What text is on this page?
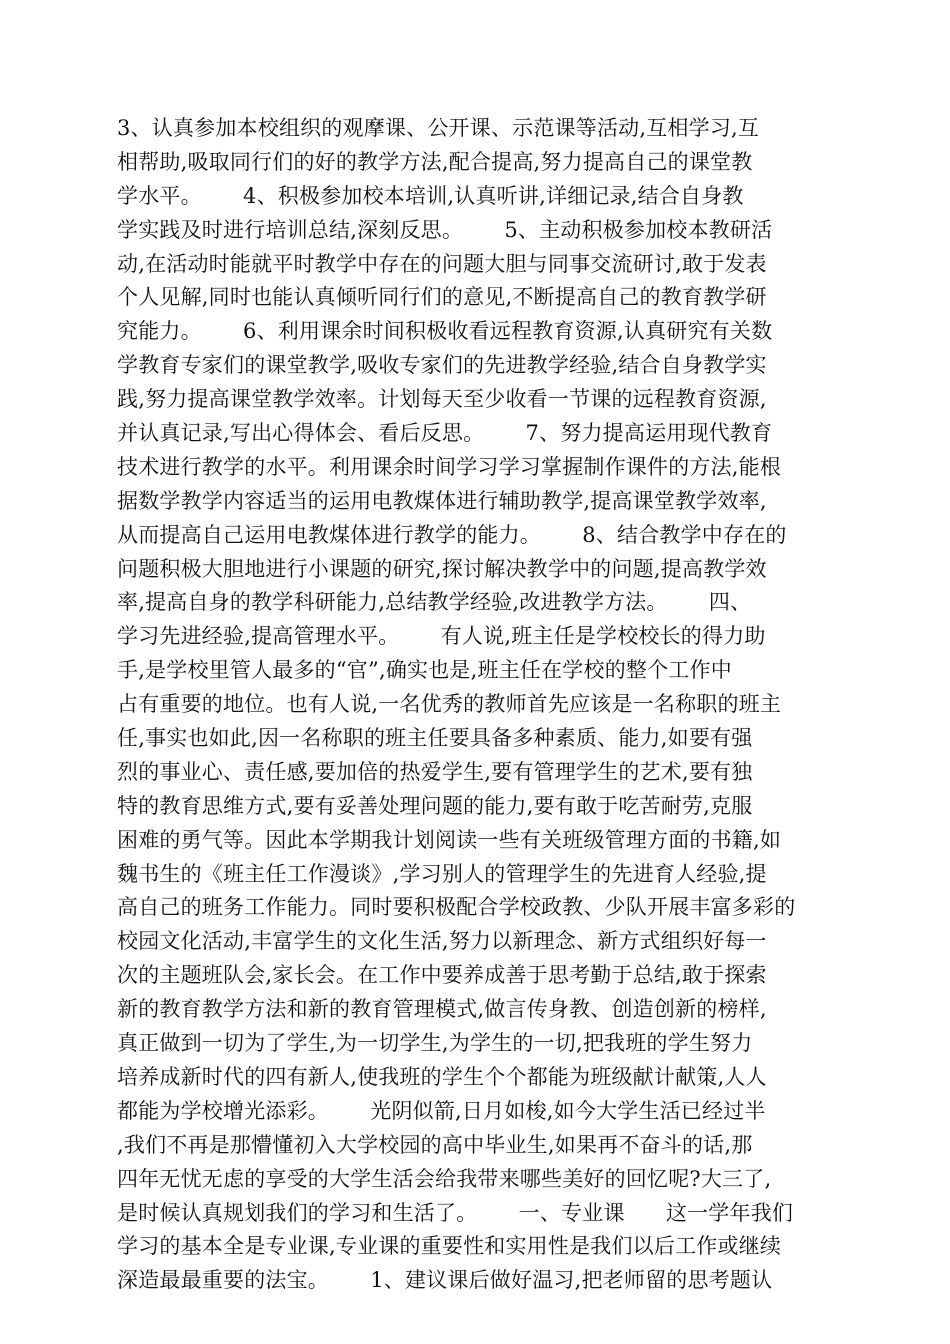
3、认真参加本校组织的观摩课、公开课、示范课等活动,互相学习,互
相帮助,吸取同行们的好的教学方法,配合提高,努力提高自己的课堂教
学水平。      4、积极参加校本培训,认真听讲,详细记录,结合自身教
学实践及时进行培训总结,深刻反思。      5、主动积极参加校本教研活
动,在活动时能就平时教学中存在的问题大胆与同事交流研讨,敢于发表
个人见解,同时也能认真倾听同行们的意见,不断提高自己的教育教学研
究能力。      6、利用课余时间积极收看远程教育资源,认真研究有关数
学教育专家们的课堂教学,吸收专家们的先进教学经验,结合自身教学实
践,努力提高课堂教学效率。计划每天至少收看一节课的远程教育资源,
并认真记录,写出心得体会、看后反思。      7、努力提高运用现代教育
技术进行教学的水平。利用课余时间学习学习掌握制作课件的方法,能根
据数学教学内容适当的运用电教煤体进行辅助教学,提高课堂教学效率,
从而提高自己运用电教煤体进行教学的能力。      8、结合教学中存在的
问题积极大胆地进行小课题的研究,探讨解决教学中的问题,提高教学效
率,提高自身的教学科研能力,总结教学经验,改进教学方法。      四、
学习先进经验,提高管理水平。      有人说,班主任是学校校长的得力助
手,是学校里管人最多的“官”,确实也是,班主任在学校的整个工作中
占有重要的地位。也有人说,一名优秀的教师首先应该是一名称职的班主
任,事实也如此,因一名称职的班主任要具备多种素质、能力,如要有强
烈的事业心、责任感,要加倍的热爱学生,要有管理学生的艺术,要有独
特的教育思维方式,要有妥善处理问题的能力,要有敢于吃苦耐劳,克服
困难的勇气等。因此本学期我计划阅读一些有关班级管理方面的书籍,如
魏书生的《班主任工作漫谈》,学习别人的管理学生的先进育人经验,提
高自己的班务工作能力。同时要积极配合学校政教、少队开展丰富多彩的
校园文化活动,丰富学生的文化生活,努力以新理念、新方式组织好每一
次的主题班队会,家长会。在工作中要养成善于思考勤于总结,敢于探索
新的教育教学方法和新的教育管理模式,做言传身教、创造创新的榜样,
真正做到一切为了学生,为一切学生,为学生的一切,把我班的学生努力
培养成新时代的四有新人,使我班的学生个个都能为班级献计献策,人人
都能为学校增光添彩。      光阴似箭,日月如梭,如今大学生活已经过半
,我们不再是那懵懂初入大学校园的高中毕业生,如果再不奋斗的话,那
四年无忧无虑的享受的大学生活会给我带来哪些美好的回忆呢?大三了,
是时候认真规划我们的学习和生活了。      一、专业课      这一学年我们
学习的基本全是专业课,专业课的重要性和实用性是我们以后工作或继续
深造最最重要的法宝。      1、建议课后做好温习,把老师留的思考题认
